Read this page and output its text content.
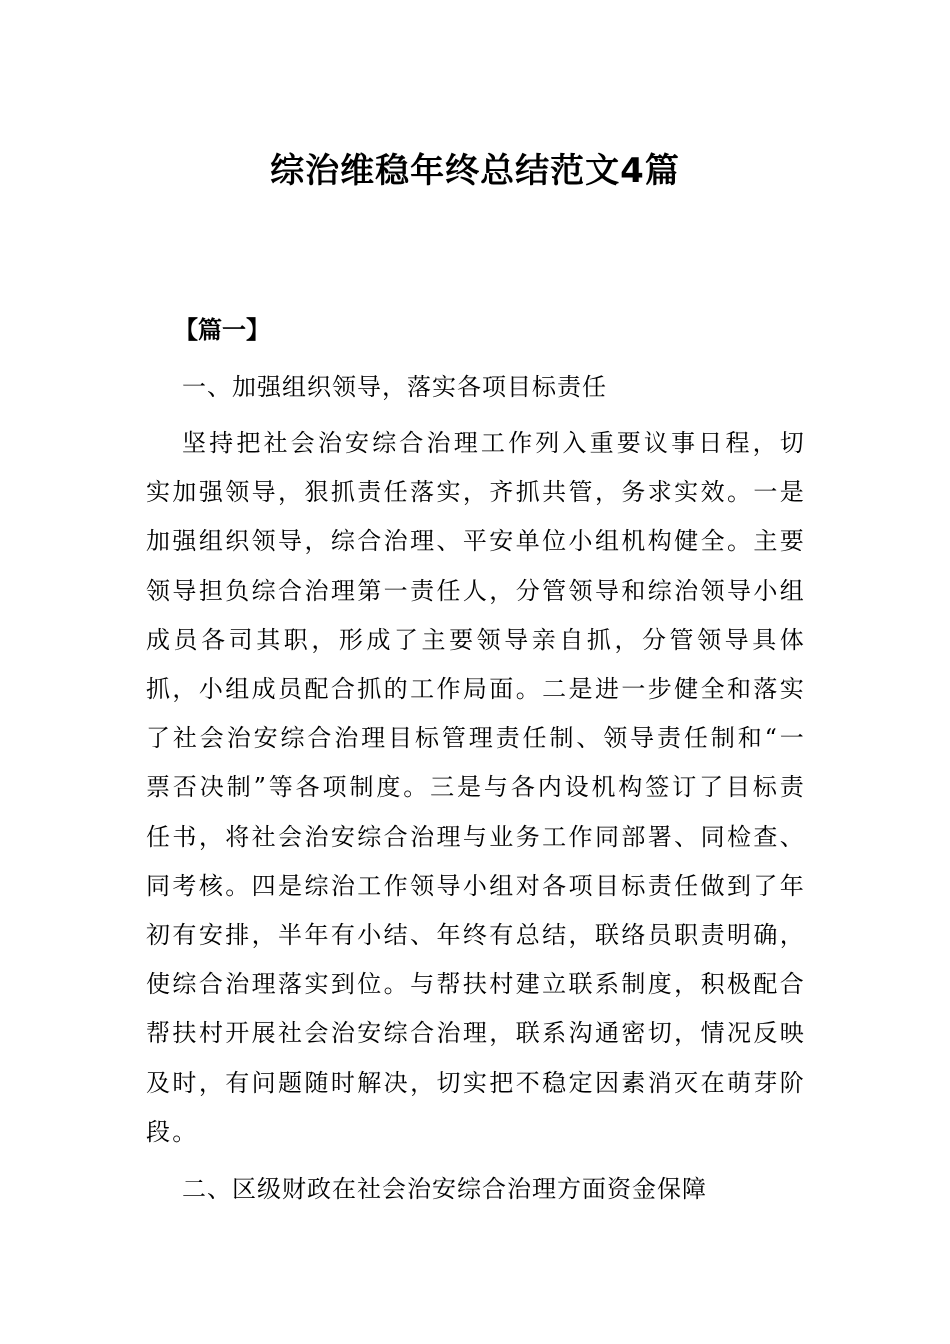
综治维稳年终总结范文4篇
【篇一】

一、加强组织领导，落实各项目标责任

坚持把社会治安综合治理工作列入重要议事日程，切实加强领导，狠抓责任落实，齐抓共管，务求实效。一是加强组织领导，综合治理、平安单位小组机构健全。主要领导担负综合治理第一责任人，分管领导和综治领导小组成员各司其职，形成了主要领导亲自抓，分管领导具体抓，小组成员配合抓的工作局面。二是进一步健全和落实了社会治安综合治理目标管理责任制、领导责任制和“一票否决制”等各项制度。三是与各内设机构签订了目标责任书，将社会治安综合治理与业务工作同部署、同检查、同考核。四是综治工作领导小组对各项目标责任做到了年初有安排，半年有小结、年终有总结，联络员职责明确，使综合治理落实到位。与帮扶村建立联系制度，积极配合帮扶村开展社会治安综合治理，联系沟通密切，情况反映及时，有问题随时解决，切实把不稳定因素消灭在萌芽阶段。

二、区级财政在社会治安综合治理方面资金保障
